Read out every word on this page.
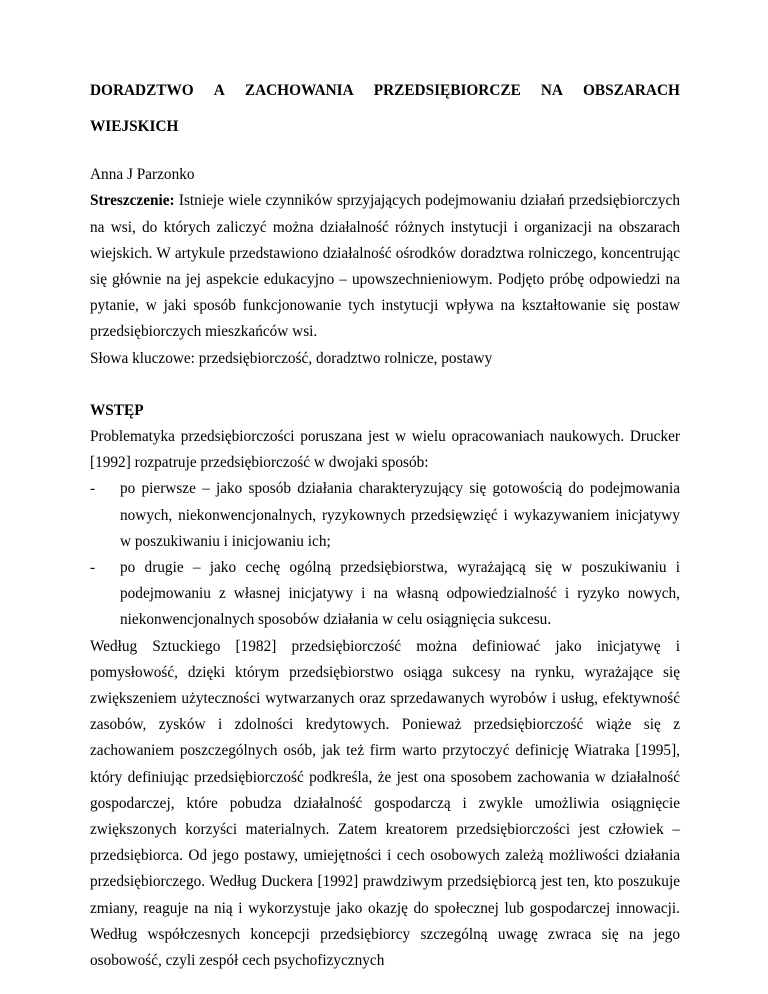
DORADZTWO A ZACHOWANIA PRZEDSIĘBIORCZE NA OBSZARACH
WIEJSKICH
Anna J Parzonko
Streszczenie: Istnieje wiele czynników sprzyjających podejmowaniu działań przedsiębiorczych na wsi, do których zaliczyć można działalność różnych instytucji i organizacji na obszarach wiejskich. W artykule przedstawiono działalność ośrodków doradztwa rolniczego, koncentrując się głównie na jej aspekcie edukacyjno – upowszechnieniowym. Podjęto próbę odpowiedzi na pytanie, w jaki sposób funkcjonowanie tych instytucji wpływa na kształtowanie się postaw przedsiębiorczych mieszkańców wsi.
Słowa kluczowe: przedsiębiorczość, doradztwo rolnicze, postawy
WSTĘP
Problematyka przedsiębiorczości poruszana jest w wielu opracowaniach naukowych. Drucker [1992] rozpatruje przedsiębiorczość w dwojaki sposób:
- po pierwsze – jako sposób działania charakteryzujący się gotowością do podejmowania nowych, niekonwencjonalnych, ryzykownych przedsięwzięć i wykazywaniem inicjatywy w poszukiwaniu i inicjowaniu ich;
- po drugie – jako cechę ogólną przedsiębiorstwa, wyrażającą się w poszukiwaniu i podejmowaniu z własnej inicjatywy i na własną odpowiedzialność i ryzyko nowych, niekonwencjonalnych sposobów działania w celu osiągnięcia sukcesu.
Według Sztuckiego [1982] przedsiębiorczość można definiować jako inicjatywę i pomysłowość, dzięki którym przedsiębiorstwo osiąga sukcesy na rynku, wyrażające się zwiększeniem użyteczności wytwarzanych oraz sprzedawanych wyrobów i usług, efektywność zasobów, zysków i zdolności kredytowych. Ponieważ przedsiębiorczość wiąże się z zachowaniem poszczególnych osób, jak też firm warto przytoczyć definicję Wiatraka [1995], który definiując przedsiębiorczość podkreśla, że jest ona sposobem zachowania w działalność gospodarczej, które pobudza działalność gospodarczą i zwykle umożliwia osiągnięcie zwiększonych korzyści materialnych. Zatem kreatorem przedsiębiorczości jest człowiek – przedsiębiorca. Od jego postawy, umiejętności i cech osobowych zależą możliwości działania przedsiębiorczego. Według Duckera [1992] prawdziwym przedsiębiorcą jest ten, kto poszukuje zmiany, reaguje na nią i wykorzystuje jako okazję do społecznej lub gospodarczej innowacji. Według współczesnych koncepcji przedsiębiorcy szczególną uwagę zwraca się na jego osobowość, czyli zespół cech psychofizycznych
